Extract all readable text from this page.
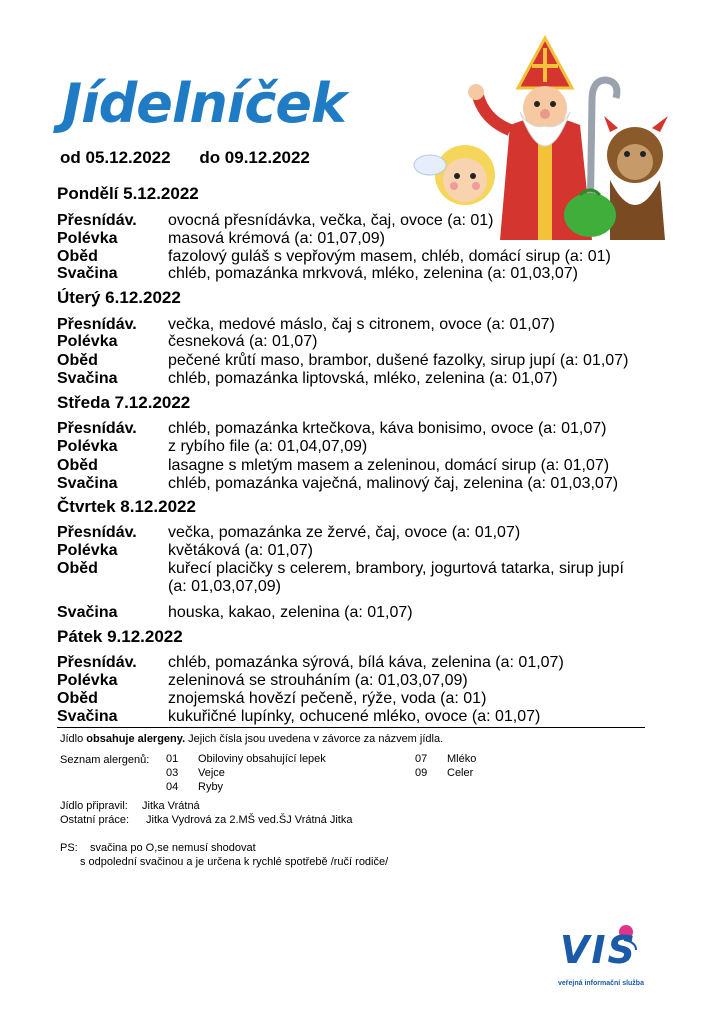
Jídelníček
od 05.12.2022 do 09.12.2022
Pondělí 5.12.2022
Přesnídáv. ovocná přesnídávka, večka, čaj, ovoce (a: 01)
Polévka	masová krémová (a: 01,07,09)
Oběd	fazolový guláš s vepřovým masem, chléb, domácí sirup (a: 01)
Svačina	chléb, pomazánka mrkvová, mléko, zelenina (a: 01,03,07)
Úterý 6.12.2022
Přesnídáv. večka, medové máslo, čaj s citronem, ovoce (a: 01,07)
Polévka	česneková (a: 01,07)
Oběd	pečené krůtí maso, brambor, dušené fazolky, sirup jupí (a: 01,07)
Svačina	chléb, pomazánka liptovská, mléko, zelenina (a: 01,07)
Středa 7.12.2022
Přesnídáv. chléb, pomazánka krtečkova, káva bonisimo, ovoce (a: 01,07)
Polévka	z rybího file (a: 01,04,07,09)
Oběd	lasagne s mletým masem a zeleninou, domácí sirup (a: 01,07)
Svačina	chléb, pomazánka vaječná, malinový čaj, zelenina (a: 01,03,07)
Čtvrtek 8.12.2022
Přesnídáv. večka, pomazánka ze žervé, čaj, ovoce (a: 01,07)
Polévka	květáková (a: 01,07)
Oběd	kuřecí placičky s celerem, brambory, jogurtová tatarka, sirup jupí
(a: 01,03,07,09)
Svačina	houska, kakao, zelenina (a: 01,07)
Pátek 9.12.2022
Přesnídáv. chléb, pomazánka sýrová, bílá káva, zelenina (a: 01,07)
Polévka	zeleninová se strouháním (a: 01,03,07,09)
Oběd	znojemská hovězí pečeně, rýže, voda (a: 01)
Svačina	kukuřičné lupínky, ochucené mléko, ovoce (a: 01,07)
Jídlo obsahuje alergeny. Jejich čísla jsou uvedena v závorce za názvem jídla.
Seznam alergenů: 01 Obiloviny obsahující lepek
03 Vejce
04 Ryby
07 Mléko
09 Celer
Jídlo připravil: Jitka Vrátná
Ostatní práce: Jitka Vydrová za 2.MŠ ved.ŠJ Vrátná Jitka
PS: svačina po O,se nemusí shodovat
s odpolední svačinou a je určena k rychlé spotřebě /ručí rodiče/
VIS
veřejná informační služba
